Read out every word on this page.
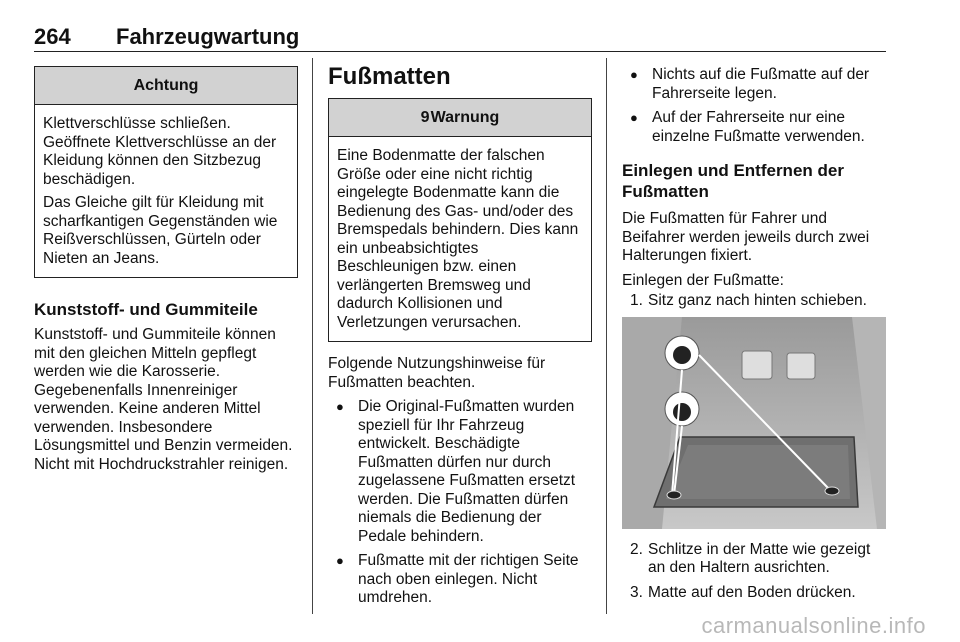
264 Fahrzeugwartung
Achtung

Klettverschlüsse schließen. Geöffnete Klettverschlüsse an der Kleidung können den Sitzbezug beschädigen.

Das Gleiche gilt für Kleidung mit scharfkantigen Gegenständen wie Reißverschlüssen, Gürteln oder Nieten an Jeans.

Kunststoff- und Gummiteile

Kunststoff- und Gummiteile können mit den gleichen Mitteln gepflegt werden wie die Karosserie. Gegebenenfalls Innenreiniger verwenden. Keine anderen Mittel verwenden. Insbesondere Lösungsmittel und Benzin vermeiden. Nicht mit Hochdruckstrahler reinigen.

Fußmatten
9Warnung

Eine Bodenmatte der falschen Größe oder eine nicht richtig eingelegte Bodenmatte kann die Bedienung des Gas- und/oder des Bremspedals behindern. Dies kann ein unbeabsichtigtes Beschleunigen bzw. einen verlängerten Bremsweg und dadurch Kollisionen und Verletzungen verursachen.

Folgende Nutzungshinweise für Fußmatten beachten.

● Die Original-Fußmatten wurden speziell für Ihr Fahrzeug entwickelt. Beschädigte Fußmatten dürfen nur durch zugelassene Fußmatten ersetzt werden. Die Fußmatten dürfen niemals die Bedienung der Pedale behindern.
● Fußmatte mit der richtigen Seite nach oben einlegen. Nicht umdrehen.
● Nichts auf die Fußmatte auf der Fahrerseite legen.
● Auf der Fahrerseite nur eine einzelne Fußmatte verwenden.
Einlegen und Entfernen der Fußmatten

Die Fußmatten für Fahrer und Beifahrer werden jeweils durch zwei Halterungen fixiert.

Einlegen der Fußmatte:

1. Sitz ganz nach hinten schieben.
2. Schlitze in der Matte wie gezeigt an den Haltern ausrichten.
3. Matte auf den Boden drücken.
carmanualsonline.info
